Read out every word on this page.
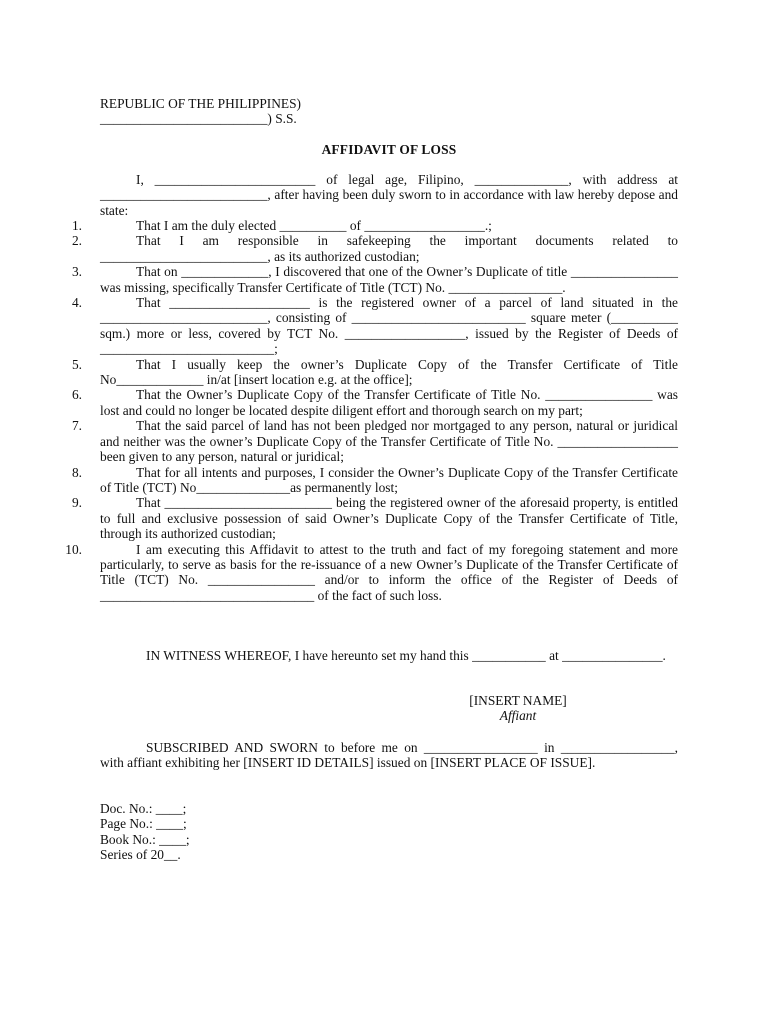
REPUBLIC OF THE PHILIPPINES)
_________________________) S.S.
AFFIDAVIT OF LOSS
I, ________________________ of legal age, Filipino, ______________, with address at _________________________, after having been duly sworn to in accordance with law hereby depose and state:
1.	That I am the duly elected __________ of __________________.;
2.	That I am responsible in safekeeping the important documents related to _________________________, as its authorized custodian;
3.	That on _____________, I discovered that one of the Owner’s Duplicate of title ________________ was missing, specifically Transfer Certificate of Title (TCT) No. _________________.
4.	That _____________________ is the registered owner of a parcel of land situated in the _________________________, consisting of __________________________ square meter (__________ sqm.) more or less, covered by TCT No. __________________, issued by the Register of Deeds of __________________________;
5.	That I usually keep the owner’s Duplicate Copy of the Transfer Certificate of Title No_____________ in/at [insert location e.g. at the office];
6.	That the Owner’s Duplicate Copy of the Transfer Certificate of Title No. ________________ was lost and could no longer be located despite diligent effort and thorough search on my part;
7.	That the said parcel of land has not been pledged nor mortgaged to any person, natural or juridical and neither was the owner’s Duplicate Copy of the Transfer Certificate of Title No. __________________ been given to any person, natural or juridical;
8.	That for all intents and purposes, I consider the Owner’s Duplicate Copy of the Transfer Certificate of Title (TCT) No______________as permanently lost;
9.	That _________________________ being the registered owner of the aforesaid property, is entitled to full and exclusive possession of said Owner’s Duplicate Copy of the Transfer Certificate of Title, through its authorized custodian;
10.	I am executing this Affidavit to attest to the truth and fact of my foregoing statement and more particularly, to serve as basis for the re-issuance of a new Owner’s Duplicate of the Transfer Certificate of Title (TCT) No. ________________ and/or to inform the office of the Register of Deeds of ________________________________ of the fact of such loss.
IN WITNESS WHEREOF, I have hereunto set my hand this ___________ at _______________.
[INSERT NAME]
Affiant
SUBSCRIBED AND SWORN to before me on _________________ in _________________, with affiant exhibiting her [INSERT ID DETAILS] issued on [INSERT PLACE OF ISSUE].
Doc. No.: ____;
Page No.: ____;
Book No.: ____;
Series of 20__.
